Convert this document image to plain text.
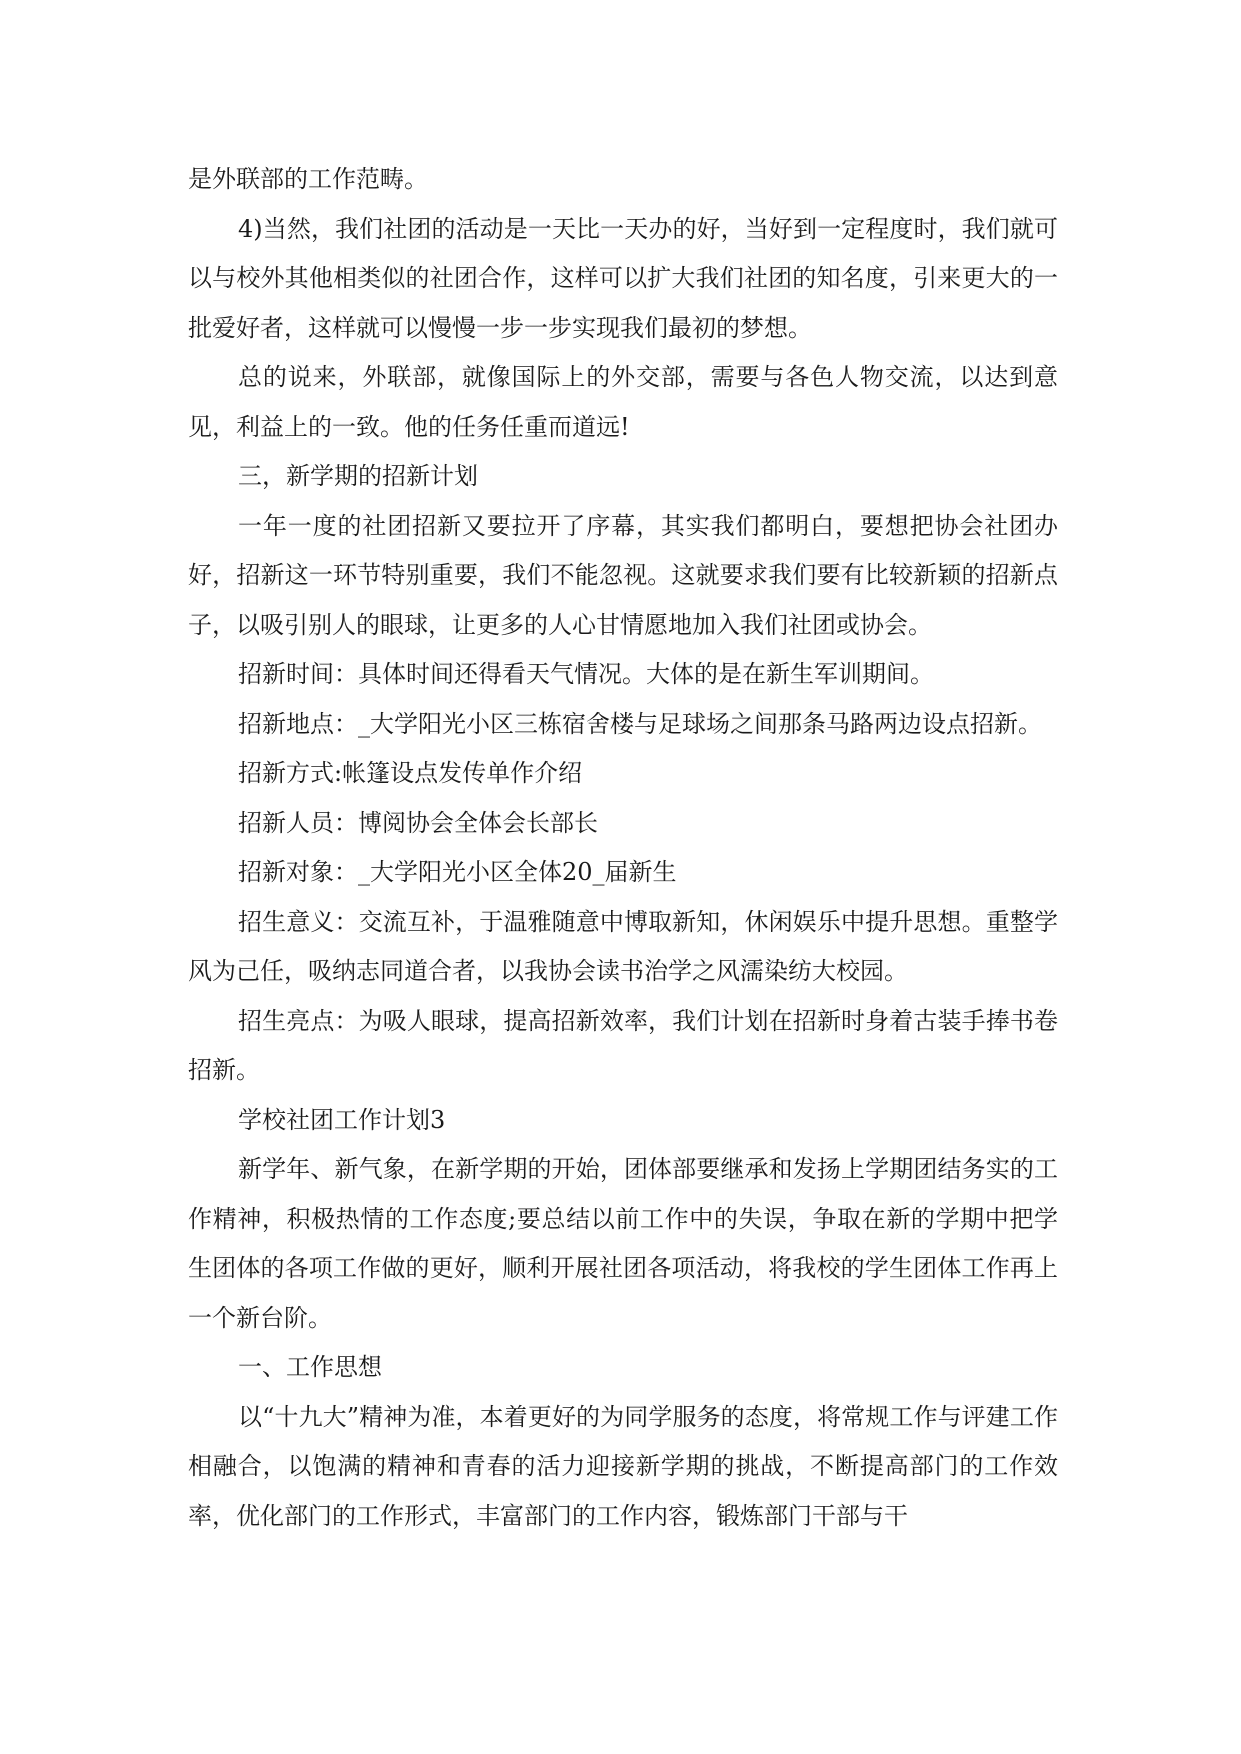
是外联部的工作范畴。

4)当然，我们社团的活动是一天比一天办的好，当好到一定程度时，我们就可以与校外其他相类似的社团合作，这样可以扩大我们社团的知名度，引来更大的一批爱好者，这样就可以慢慢一步一步实现我们最初的梦想。

总的说来，外联部，就像国际上的外交部，需要与各色人物交流，以达到意见，利益上的一致。他的任务任重而道远!

三，新学期的招新计划

一年一度的社团招新又要拉开了序幕，其实我们都明白，要想把协会社团办好，招新这一环节特别重要，我们不能忽视。这就要求我们要有比较新颖的招新点子，以吸引别人的眼球，让更多的人心甘情愿地加入我们社团或协会。

招新时间：具体时间还得看天气情况。大体的是在新生军训期间。

招新地点：_大学阳光小区三栋宿舍楼与足球场之间那条马路两边设点招新。

招新方式:帐篷设点发传单作介绍

招新人员：博阅协会全体会长部长

招新对象：_大学阳光小区全体20_届新生

招生意义：交流互补，于温雅随意中博取新知，休闲娱乐中提升思想。重整学风为己任，吸纳志同道合者，以我协会读书治学之风濡染纺大校园。

招生亮点：为吸人眼球，提高招新效率，我们计划在招新时身着古装手捧书卷招新。

学校社团工作计划3

新学年、新气象，在新学期的开始，团体部要继承和发扬上学期团结务实的工作精神，积极热情的工作态度;要总结以前工作中的失误，争取在新的学期中把学生团体的各项工作做的更好，顺利开展社团各项活动，将我校的学生团体工作再上一个新台阶。

一、工作思想

以“十九大”精神为准，本着更好的为同学服务的态度，将常规工作与评建工作相融合，以饱满的精神和青春的活力迎接新学期的挑战，不断提高部门的工作效率，优化部门的工作形式，丰富部门的工作内容，锻炼部门干部与干
